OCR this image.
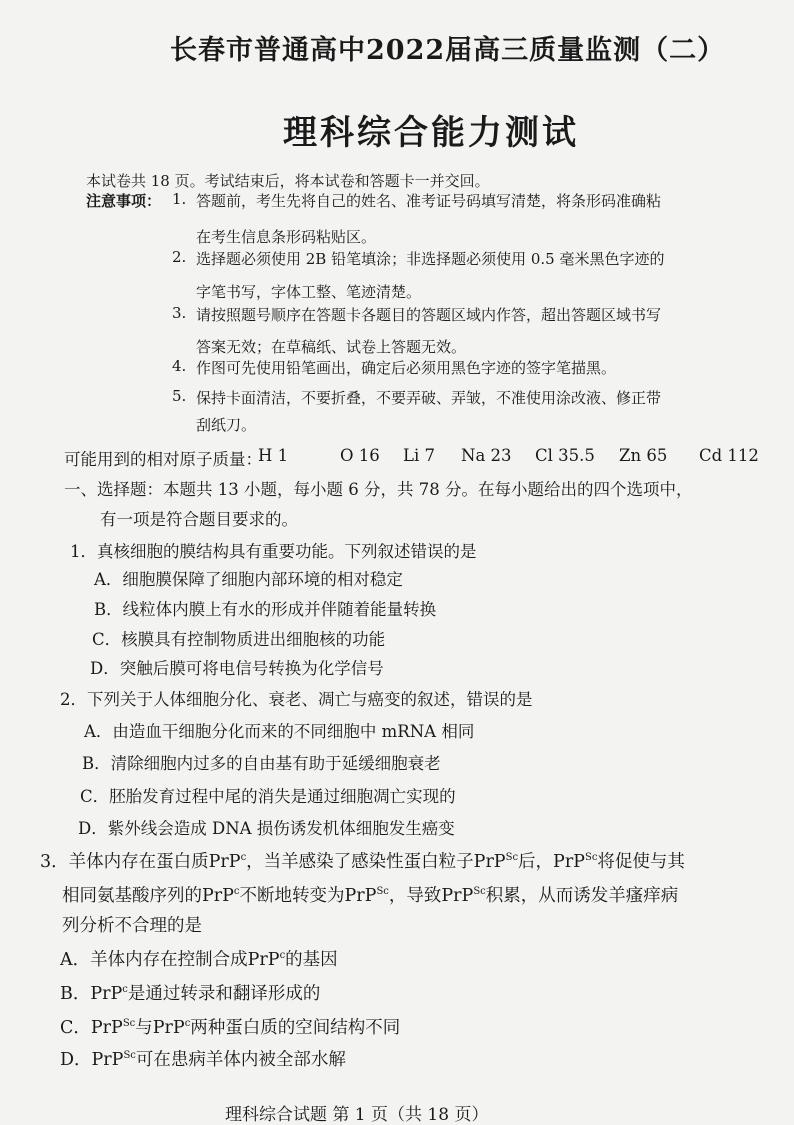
长春市普通高中2022届高三质量监测（二）
理科综合能力测试
本试卷共 18 页。考试结束后，将本试卷和答题卡一并交回。
注意事项： 1. 答题前，考生先将自己的姓名、准考证号码填写清楚，将条形码准确粘
在考生信息条形码粘贴区。
2. 选择题必须使用 2B 铅笔填涂；非选择题必须使用 0.5 毫米黑色字迹的
字笔书写，字体工整、笔迹清楚。
3. 请按照题号顺序在答题卡各题目的答题区域内作答，超出答题区域书写
答案无效；在草稿纸、试卷上答题无效。
4. 作图可先使用铅笔画出，确定后必须用黑色字迹的签字笔描黑。
5. 保持卡面清洁，不要折叠，不要弄破、弄皱，不准使用涂改液、修正带
刮纸刀。
可能用到的相对原子质量：
H 1	O 16 Li 7 Na 23 Cl 35.5 Zn 65 Cd 112
一、选择题：本题共 13 小题，每小题 6 分，共 78 分。在每小题给出的四个选项中，
有一项是符合题目要求的。
1．真核细胞的膜结构具有重要功能。下列叙述错误的是
A．细胞膜保障了细胞内部环境的相对稳定
B．线粒体内膜上有水的形成并伴随着能量转换
C．核膜具有控制物质进出细胞核的功能
D．突触后膜可将电信号转换为化学信号
2．下列关于人体细胞分化、衰老、凋亡与癌变的叙述，错误的是
A．由造血干细胞分化而来的不同细胞中 mRNA 相同
B．清除细胞内过多的自由基有助于延缓细胞衰老
C．胚胎发育过程中尾的消失是通过细胞凋亡实现的
D．紫外线会造成 DNA 损伤诱发机体细胞发生癌变
3．羊体内存在蛋白质PrP$^c$，当羊感染了感染性蛋白粒子PrP$^{Sc}$后，PrP$^{Sc}$将促使与其
相同氨基酸序列的PrP$^c$不断地转变为PrP$^{Sc}$，导致PrP$^{Sc}$积累，从而诱发羊瘙痒病
列分析不合理的是
A．羊体内存在控制合成PrP$^c$的基因
B．PrP$^c$是通过转录和翻译形成的
C．PrP$^{Sc}$与PrP$^c$两种蛋白质的空间结构不同
D．PrP$^{Sc}$可在患病羊体内被全部水解
理科综合试题 第 1 页（共 18 页）
